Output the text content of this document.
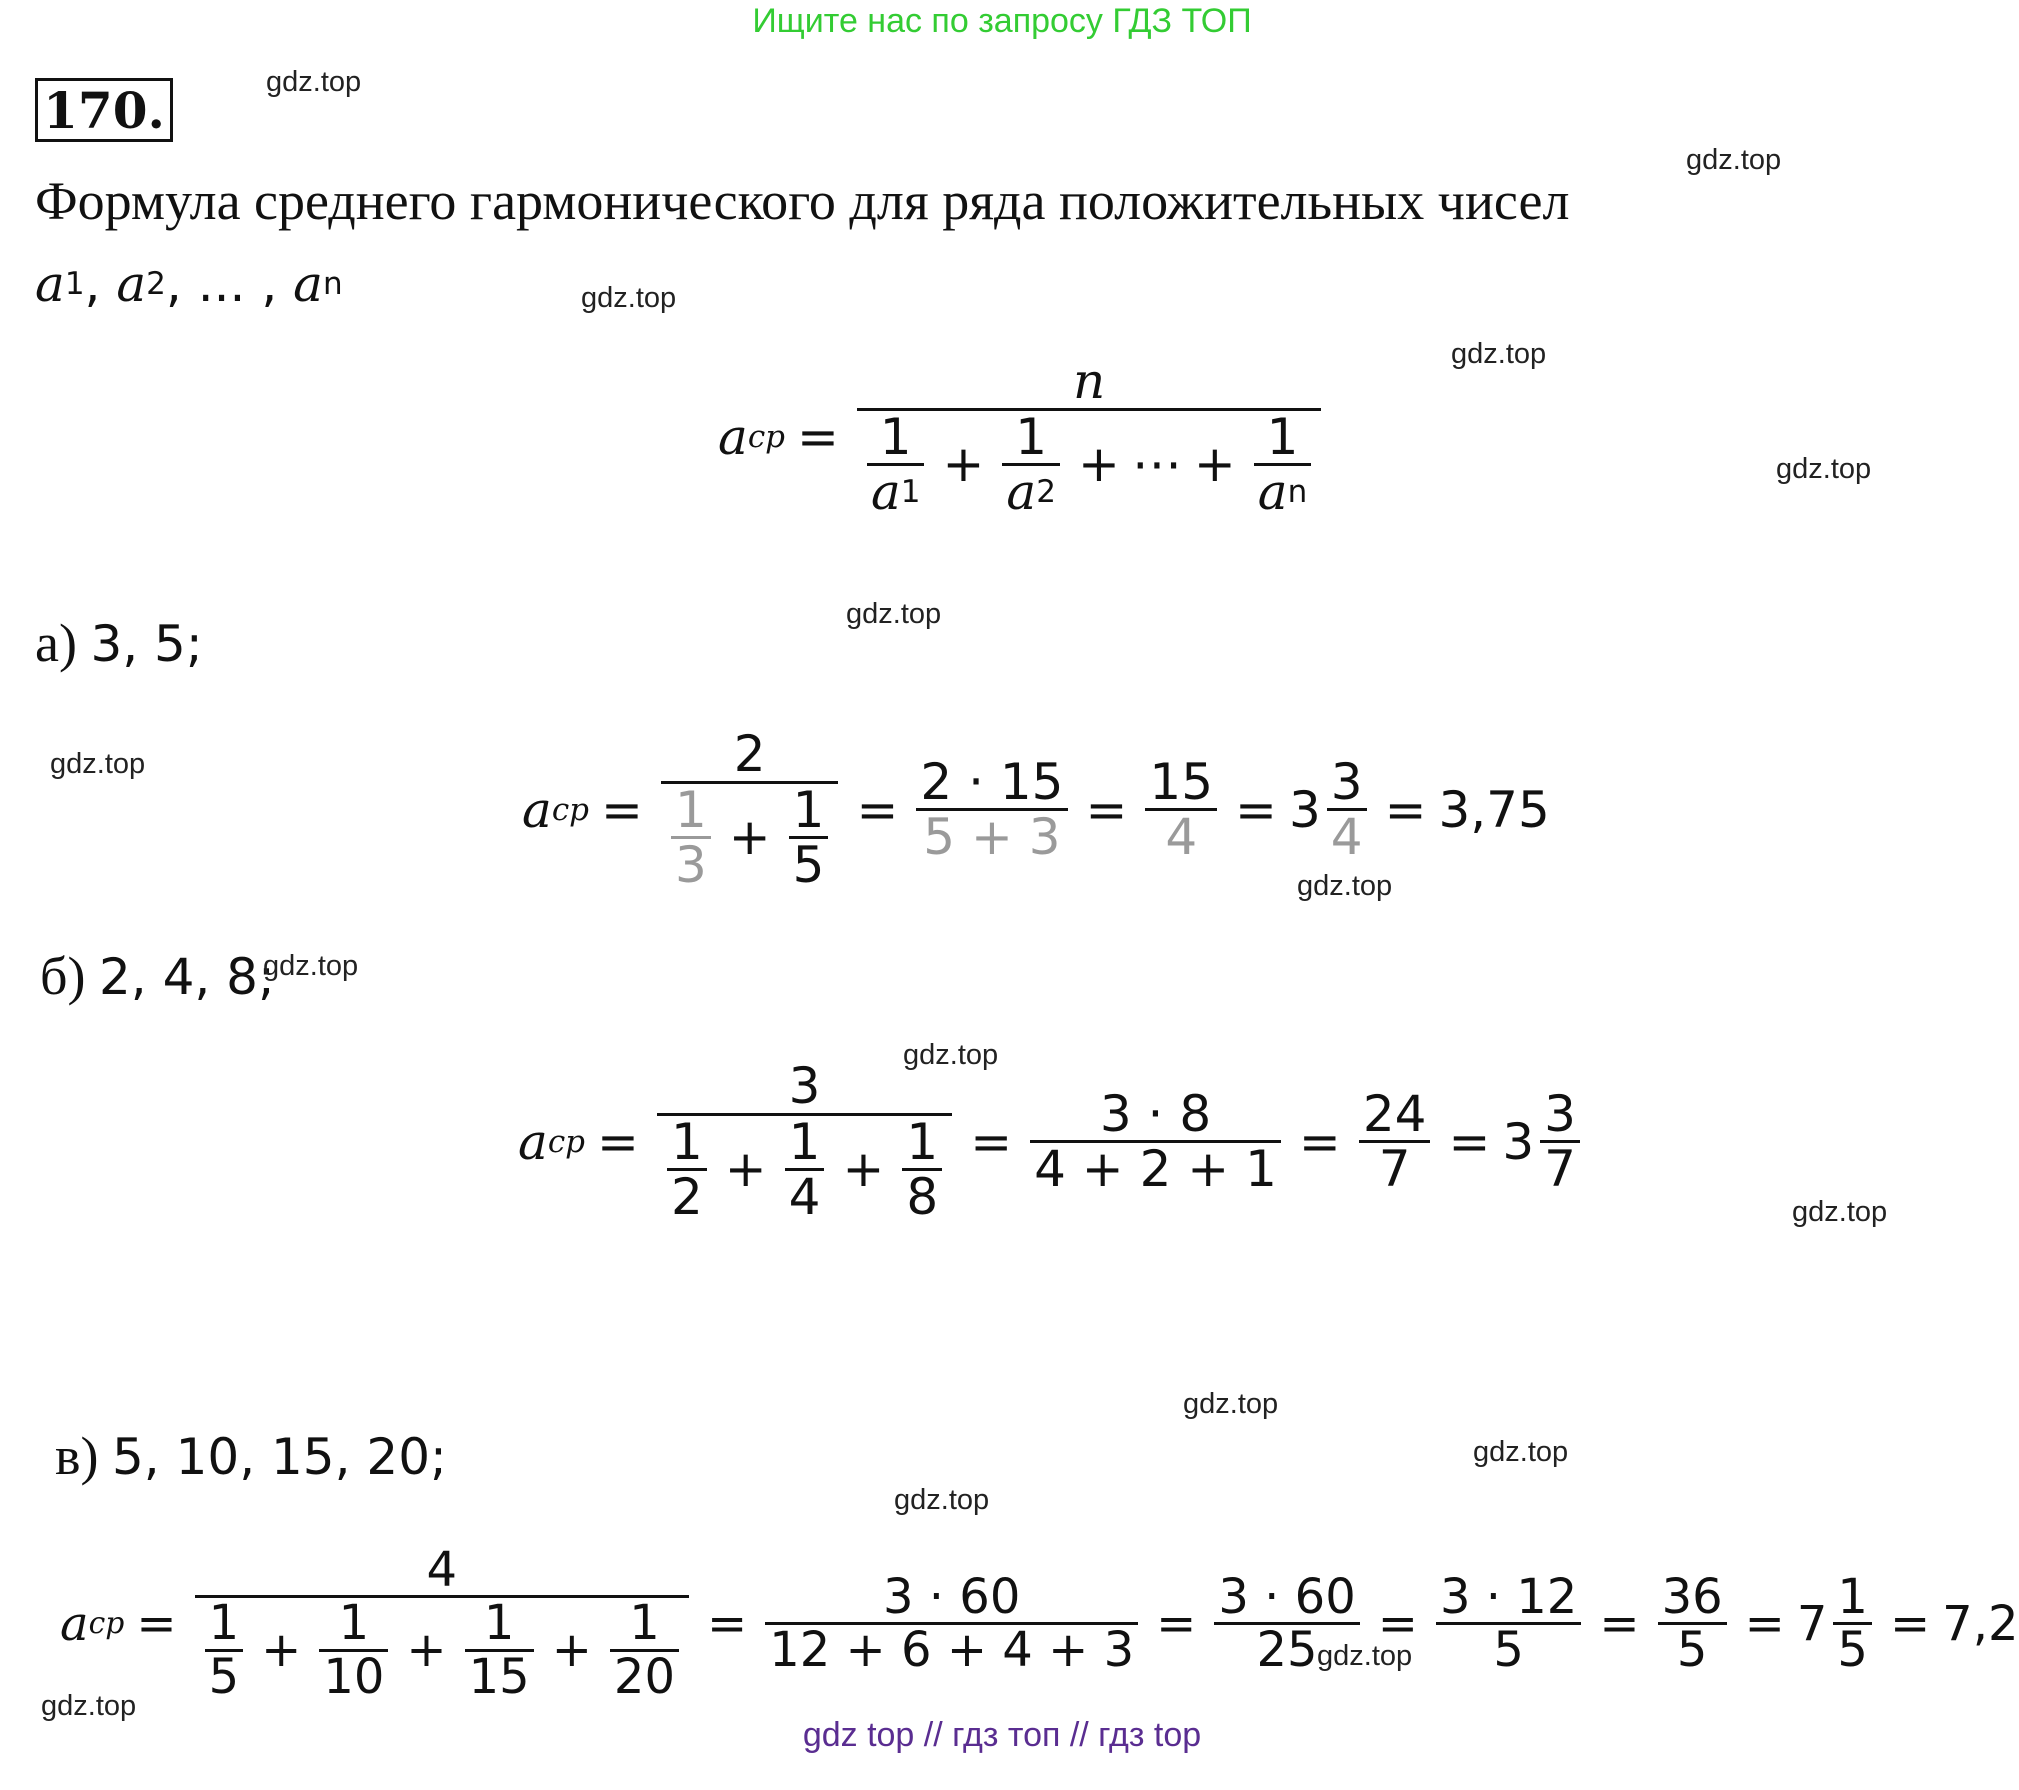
Ищите нас по запросу ГДЗ ТОП
170.
Формула среднего гармонического для ряда положительных чисел
a 1 ,
a 2 ,
...
,
a n
a cp =
n
$\frac{1}{a 1} + \frac{1}{a 2}$ + ⋯ + $\frac{1}{\text{a n}}$
а) 3, 5;
a cp = $\frac{2}{\frac{1}{3} + \frac{1}{5}} = \frac{2 \cdot 15}{5 + 3} = \frac{15}{4} = 3 \frac{3}{4} = 3,75$
б) 2, 4, 8;
a cp = $\frac{3}{\frac{1}{2} + \frac{1}{4} + \frac{1}{8}} = \frac{3 \cdot 8}{4 + 2 + 1} = \frac{24}{7} = 3 \frac{3}{7}$
в) 5, 10, 15, 20;
a cp = $\frac{4}{\frac{1}{5} + \frac{1}{10} + \frac{1}{15} + \frac{1}{20}} = \frac{3 \cdot 60}{12 + 6 + 4 + 3} = \frac{3 \cdot 60}{25} = \frac{3 \cdot 12}{5} = \frac{36}{5} = 7 \frac{1}{5} = 7,2$
gdz.top
gdz.top
gdz.top
gdz.top
gdz.top
gdz.top
gdz.top
gdz.top
gdz.top
gdz.top
gdz.top
gdz.top
gdz.top
gdz.top
gdz.top
gdz.top
gdz top // гдз топ // гдз top
